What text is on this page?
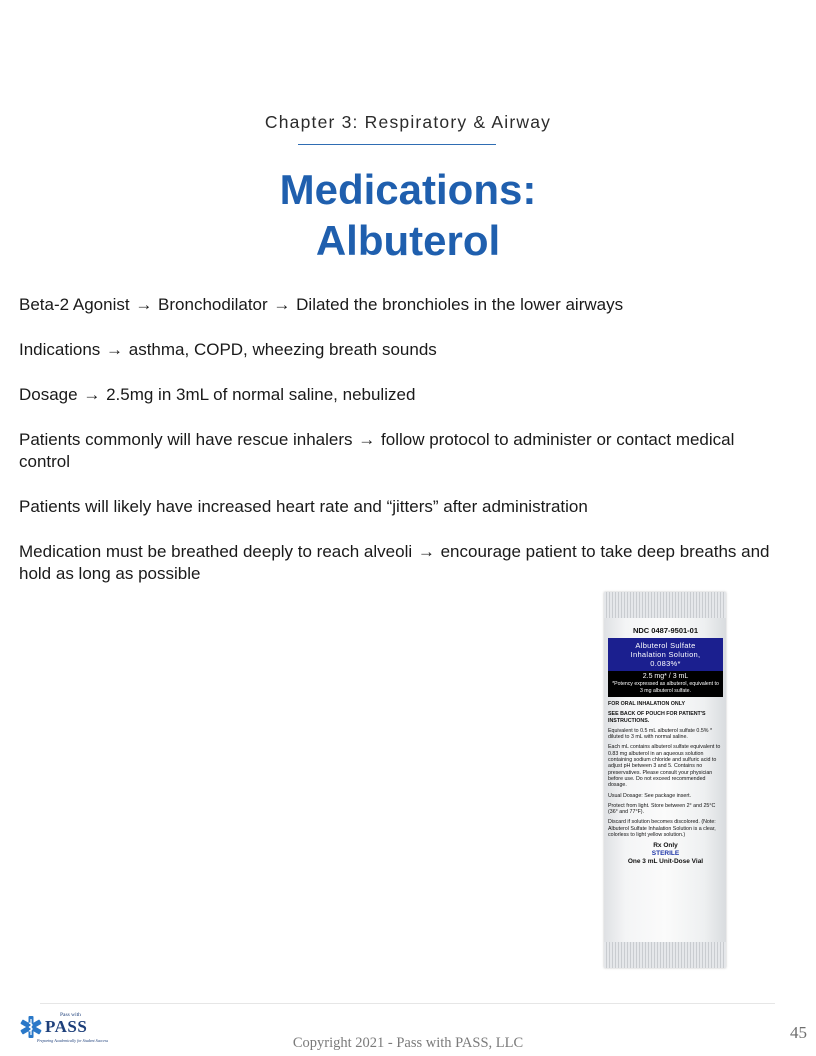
Chapter 3: Respiratory & Airway
Medications:
Albuterol

Beta-2 Agonist → Bronchodilator → Dilated the bronchioles in the lower airways

Indications → asthma, COPD, wheezing breath sounds

Dosage → 2.5mg in 3mL of normal saline, nebulized

Patients commonly will have rescue inhalers → follow protocol to administer or contact medical control

Patients will likely have increased heart rate and “jitters” after administration

Medication must be breathed deeply to reach alveoli → encourage patient to take deep breaths and hold as long as possible

NDC 0487-9501-01
Albuterol Sulfate
Inhalation Solution,
0.083%*
2.5 mg* / 3 mL
*Potency expressed as albuterol, equivalent to 3 mg albuterol sulfate.

FOR ORAL INHALATION ONLY

SEE BACK OF POUCH FOR PATIENT'S INSTRUCTIONS.

Equivalent to 0.5 mL albuterol sulfate 0.5% * diluted to 3 mL with normal saline.

Each mL contains albuterol sulfate equivalent to 0.83 mg albuterol in an aqueous solution containing sodium chloride and sulfuric acid to adjust pH between 3 and 5. Contains no preservatives. Please consult your physician before use. Do not exceed recommended dosage.

Usual Dosage: See package insert.

Protect from light. Store between 2° and 25°C (36° and 77°F).

Discard if solution becomes discolored. (Note: Albuterol Sulfate Inhalation Solution is a clear, colorless to light yellow solution.)

Rx Only
STERILE
One 3 mL Unit-Dose Vial
Pass with
PASS
Preparing Academically for Student Success	Copyright 2021 - Pass with PASS, LLC
45
